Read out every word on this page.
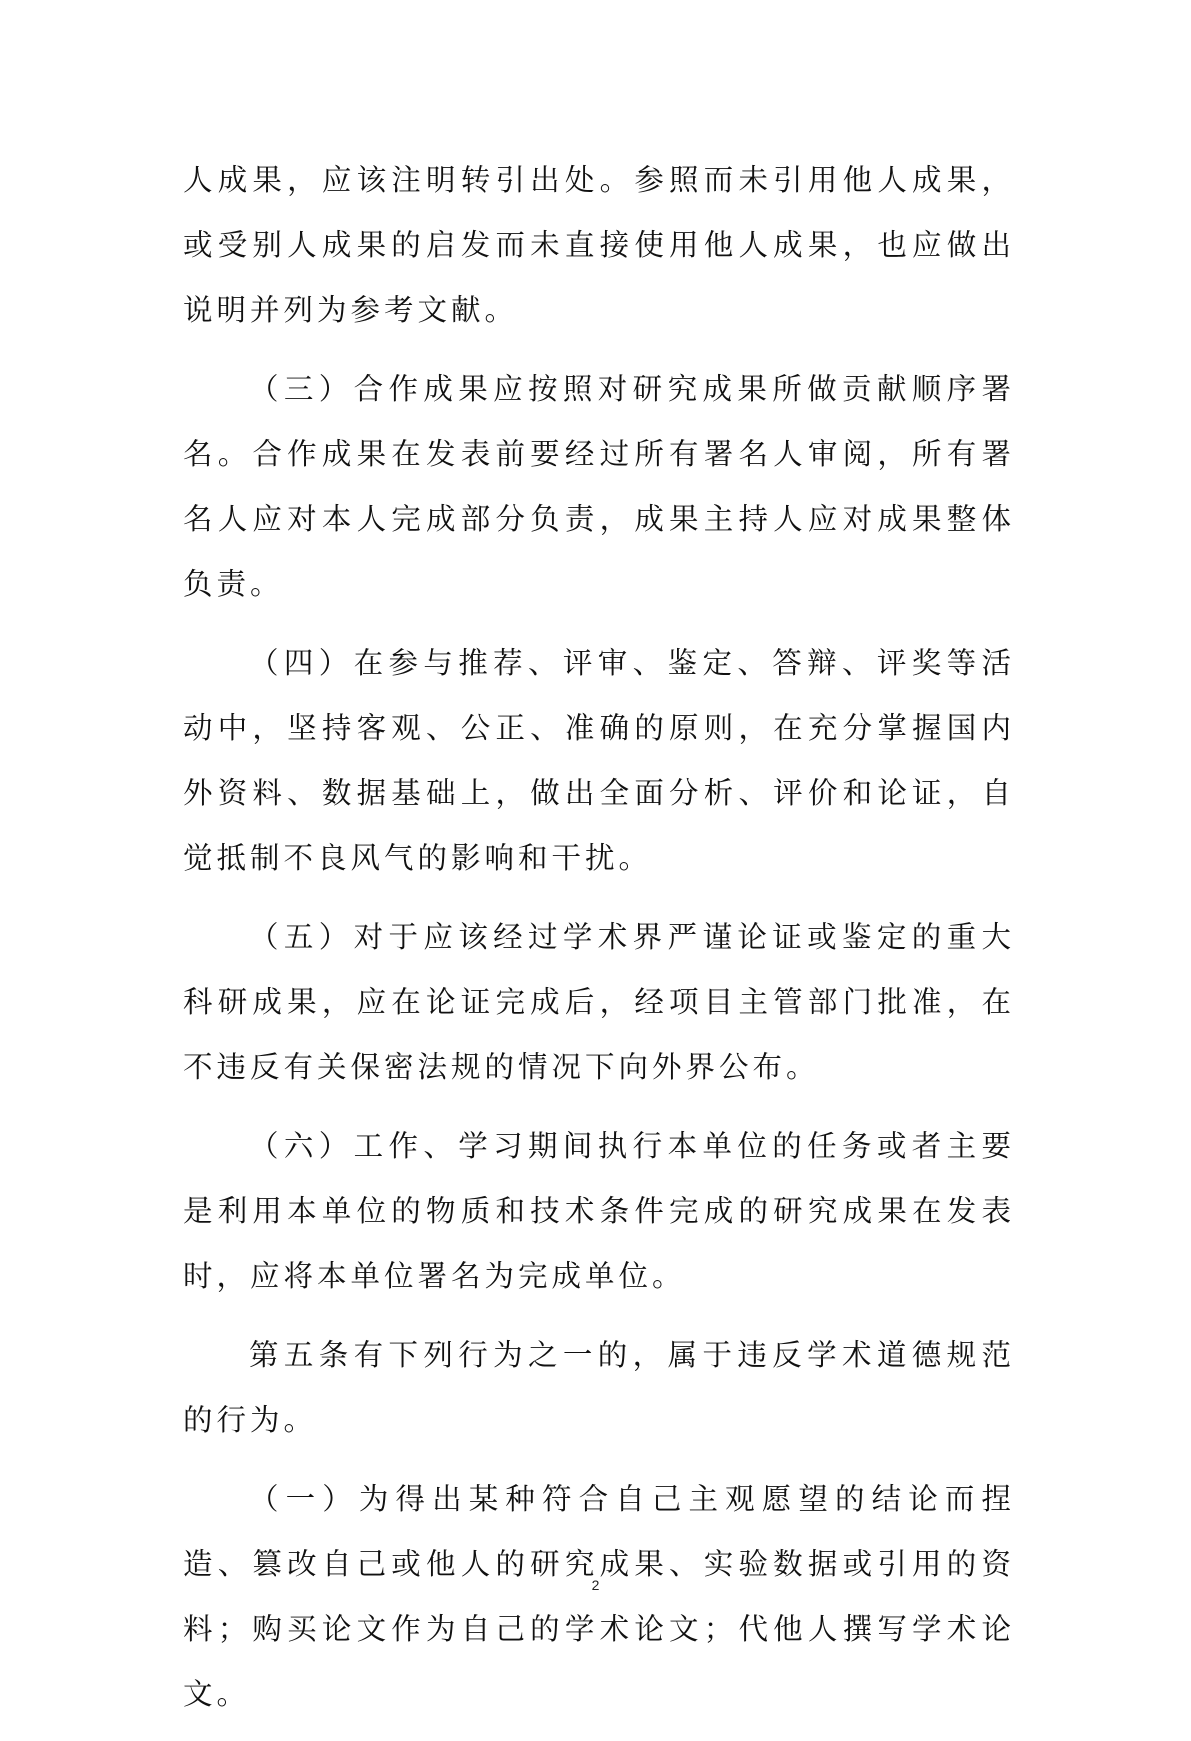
人成果，应该注明转引出处。参照而未引用他人成果，或受别人成果的启发而未直接使用他人成果，也应做出说明并列为参考文献。

（三）合作成果应按照对研究成果所做贡献顺序署名。合作成果在发表前要经过所有署名人审阅，所有署名人应对本人完成部分负责，成果主持人应对成果整体负责。

（四）在参与推荐、评审、鉴定、答辩、评奖等活动中，坚持客观、公正、准确的原则，在充分掌握国内外资料、数据基础上，做出全面分析、评价和论证，自觉抵制不良风气的影响和干扰。

（五）对于应该经过学术界严谨论证或鉴定的重大科研成果，应在论证完成后，经项目主管部门批准，在不违反有关保密法规的情况下向外界公布。

（六）工作、学习期间执行本单位的任务或者主要是利用本单位的物质和技术条件完成的研究成果在发表时，应将本单位署名为完成单位。

第五条有下列行为之一的，属于违反学术道德规范的行为。

（一）为得出某种符合自己主观愿望的结论而捏造、篡改自己或他人的研究成果、实验数据或引用的资料；购买论文作为自己的学术论文；代他人撰写学术论文。

2
